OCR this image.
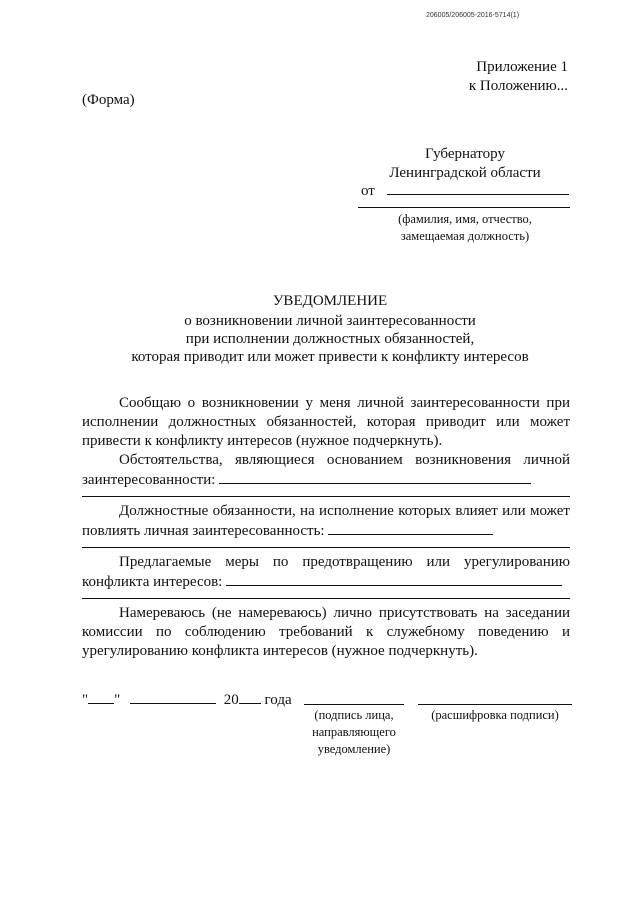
206005/206005-2016-5714(1)
Приложение 1
к Положению...
(Форма)
Губернатору
Ленинградской области
от
(фамилия, имя, отчество,
замещаемая должность)
УВЕДОМЛЕНИЕ
о возникновении личной заинтересованности
при исполнении должностных обязанностей,
которая приводит или может привести к конфликту интересов
Сообщаю о возникновении у меня личной заинтересованности при исполнении должностных обязанностей, которая приводит или может привести к конфликту интересов (нужное подчеркнуть).
Обстоятельства, являющиеся основанием возникновения личной заинтересованности:
Должностные обязанности, на исполнение которых влияет или может повлиять личная заинтересованность:
Предлагаемые меры по предотвращению или урегулированию конфликта интересов:
Намереваюсь (не намереваюсь) лично присутствовать на заседании комиссии по соблюдению требований к служебному поведению и урегулированию конфликта интересов (нужное подчеркнуть).
" "	20 года
(подпись лица,
направляющего
уведомление)
(расшифровка подписи)
